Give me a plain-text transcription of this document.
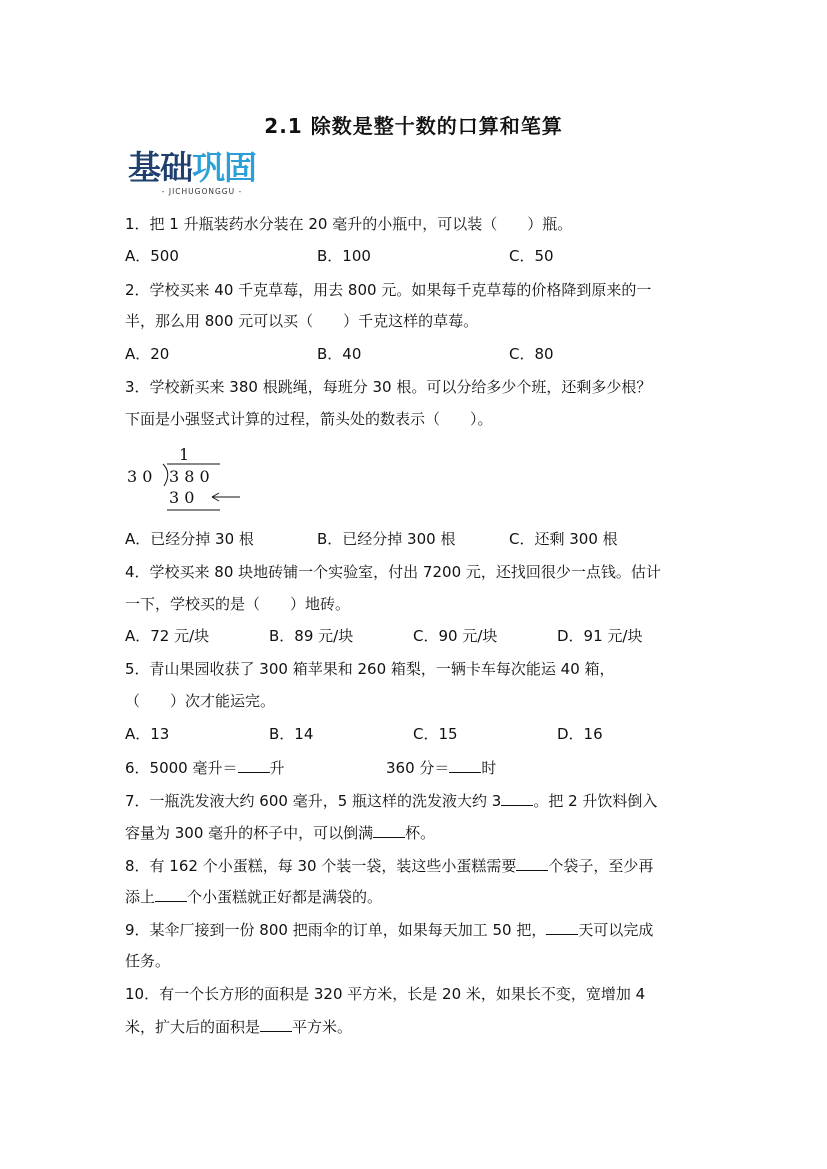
2.1 除数是整十数的口算和笔算
基础巩固
- JICHUGONGGU -
1．把 1 升瓶装药水分装在 20 毫升的小瓶中，可以装（　　）瓶。
A．500	B．100	C．50
2．学校买来 40 千克草莓，用去 800 元。如果每千克草莓的价格降到原来的一
半，那么用 800 元可以买（　　）千克这样的草莓。
A．20	B．40	C．80
3．学校新买来 380 根跳绳，每班分 30 根。可以分给多少个班，还剩多少根？
下面是小强竖式计算的过程，箭头处的数表示（　　）。
1
3 0 3 8 0
3 0
A．已经分掉 30 根	B．已经分掉 300 根	C．还剩 300 根
4．学校买来 80 块地砖铺一个实验室，付出 7200 元，还找回很少一点钱。估计
一下，学校买的是（　　）地砖。
A．72 元/块	B．89 元/块	C．90 元/块	D．91 元/块
5．青山果园收获了 300 箱苹果和 260 箱梨，一辆卡车每次能运 40 箱，
（　　）次才能运完。
A．13	B．14	C．15	D．16
6．5000 毫升＝ 升	360 分＝ 时
7．一瓶洗发液大约 600 毫升，5 瓶这样的洗发液大约 3 。把 2 升饮料倒入
容量为 300 毫升的杯子中，可以倒满 杯。
8．有 162 个小蛋糕，每 30 个装一袋，装这些小蛋糕需要 个袋子，至少再
添上 个小蛋糕就正好都是满袋的。
9．某伞厂接到一份 800 把雨伞的订单，如果每天加工 50 把， 天可以完成
任务。
10．有一个长方形的面积是 320 平方米，长是 20 米，如果长不变，宽增加 4
米，扩大后的面积是 平方米。
